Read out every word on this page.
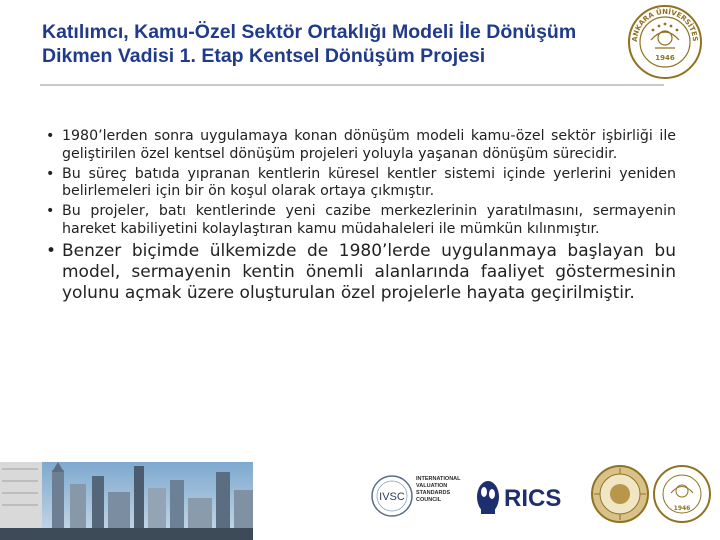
Katılımcı, Kamu-Özel Sektör Ortaklığı Modeli İle Dönüşüm
Dikmen Vadisi 1. Etap Kentsel Dönüşüm Projesi
ANKARA ÜNİVERSİTES
1946
• 1980’lerden sonra uygulamaya konan dönüşüm modeli kamu-özel sektör işbirliği ile geliştirilen özel kentsel dönüşüm projeleri yoluyla yaşanan dönüşüm sürecidir.
• Bu süreç batıda yıpranan kentlerin küresel kentler sistemi içinde yerlerini yeniden belirlemeleri için bir ön koşul olarak ortaya çıkmıştır.
• Bu projeler, batı kentlerinde yeni cazibe merkezlerinin yaratılmasını, sermayenin hareket kabiliyetini kolaylaştıran kamu müdahaleleri ile mümkün kılınmıştır.
• Benzer biçimde ülkemizde de 1980’lerde uygulanmaya başlayan bu model, sermayenin kentin önemli alanlarında faaliyet göstermesinin yolunu açmak üzere oluşturulan özel projelerle hayata geçirilmiştir.
IVSC
INTERNATIONAL
VALUATION
STANDARDS
COUNCIL	RICS	1946
